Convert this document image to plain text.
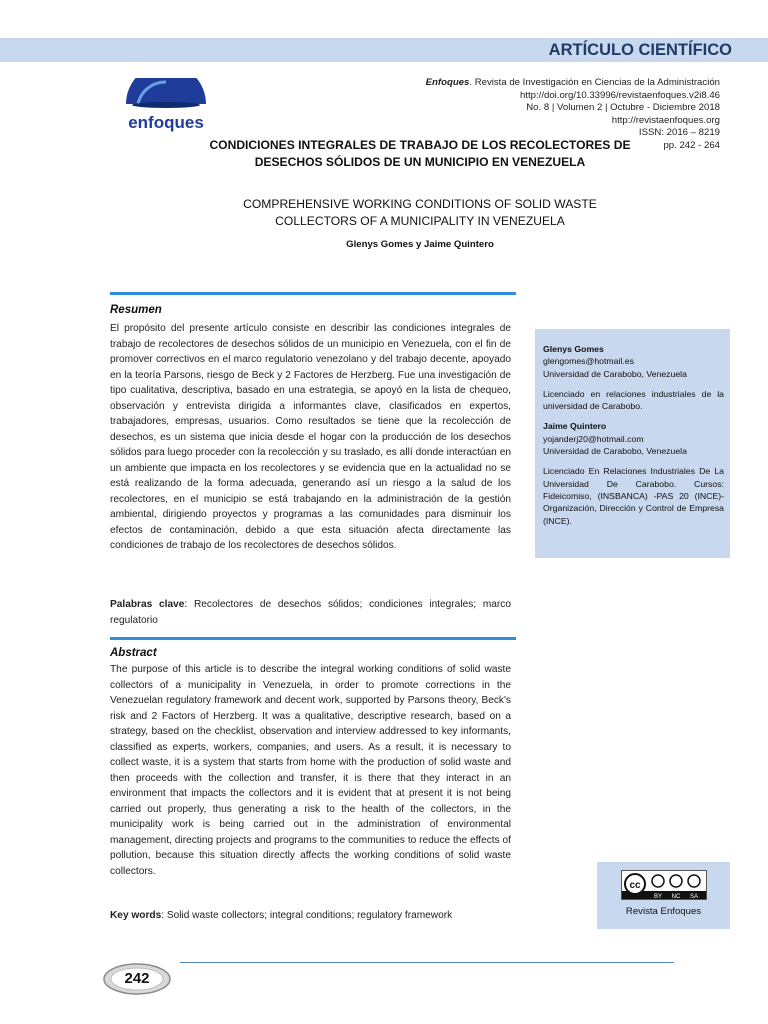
ARTÍCULO CIENTÍFICO
enfoques
Enfoques. Revista de Investigación en Ciencias de la Administración
http://doi.org/10.33996/revistaenfoques.v2i8.46
No. 8 | Volumen 2 | Octubre - Diciembre 2018
http://revistaenfoques.org
ISSN: 2016 – 8219
pp. 242 - 264
CONDICIONES INTEGRALES DE TRABAJO DE LOS RECOLECTORES DE DESECHOS SÓLIDOS DE UN MUNICIPIO EN VENEZUELA
COMPREHENSIVE WORKING CONDITIONS OF SOLID WASTE COLLECTORS OF A MUNICIPALITY IN VENEZUELA
Glenys Gomes y Jaime Quintero
Resumen
El propósito del presente artículo consiste en describir las condiciones integrales de trabajo de recolectores de desechos sólidos de un municipio en Venezuela, con el fin de promover correctivos en el marco regulatorio venezolano y del trabajo decente, apoyado en la teoría Parsons, riesgo de Beck y 2 Factores de Herzberg. Fue una investigación de tipo cualitativa, descriptiva, basado en una estrategia, se apoyó en la lista de chequeo, observación y entrevista dirigida a informantes clave, clasificados en expertos, trabajadores, empresas, usuarios. Como resultados se tiene que la recolección de desechos, es un sistema que inicia desde el hogar con la producción de los desechos sólidos para luego proceder con la recolección y su traslado, es allí donde interactúan en un ambiente que impacta en los recolectores y se evidencia que en la actualidad no se está realizando de la forma adecuada, generando así un riesgo a la salud de los recolectores, en el municipio se está trabajando en la administración de la gestión ambiental, dirigiendo proyectos y programas a las comunidades para disminuir los efectos de contaminación, debido a que esta situación afecta directamente las condiciones de trabajo de los recolectores de desechos sólidos.
Palabras clave: Recolectores de desechos sólidos; condiciones integrales; marco regulatorio
Abstract
The purpose of this article is to describe the integral working conditions of solid waste collectors of a municipality in Venezuela, in order to promote corrections in the Venezuelan regulatory framework and decent work, supported by Parsons theory, Beck's risk and 2 Factors of Herzberg. It was a qualitative, descriptive research, based on a strategy, based on the checklist, observation and interview addressed to key informants, classified as experts, workers, companies, and users. As a result, it is necessary to collect waste, it is a system that starts from home with the production of solid waste and then proceeds with the collection and transfer, it is there that they interact in an environment that impacts the collectors and it is evident that at present it is not being carried out properly, thus generating a risk to the health of the collectors, in the municipality work is being carried out in the administration of environmental management, directing projects and programs to the communities to reduce the effects of pollution, because this situation directly affects the working conditions of solid waste collectors.
Key words: Solid waste collectors; integral conditions; regulatory framework
Glenys Gomes
glengomes@hotmail.es
Universidad de Carabobo, Venezuela
Licenciado en relaciones industriales de la universidad de Carabobo.
Jaime Quintero
yojanderj20@hotmail.com
Universidad de Carabobo, Venezuela
Licenciado En Relaciones Industriales De La Universidad De Carabobo. Cursos: Fideicomiso, (INSBANCA) -PAS 20 (INCE)-Organización, Dirección y Control de Empresa (INCE).
cc
BY NC SA
Revista Enfoques
242
